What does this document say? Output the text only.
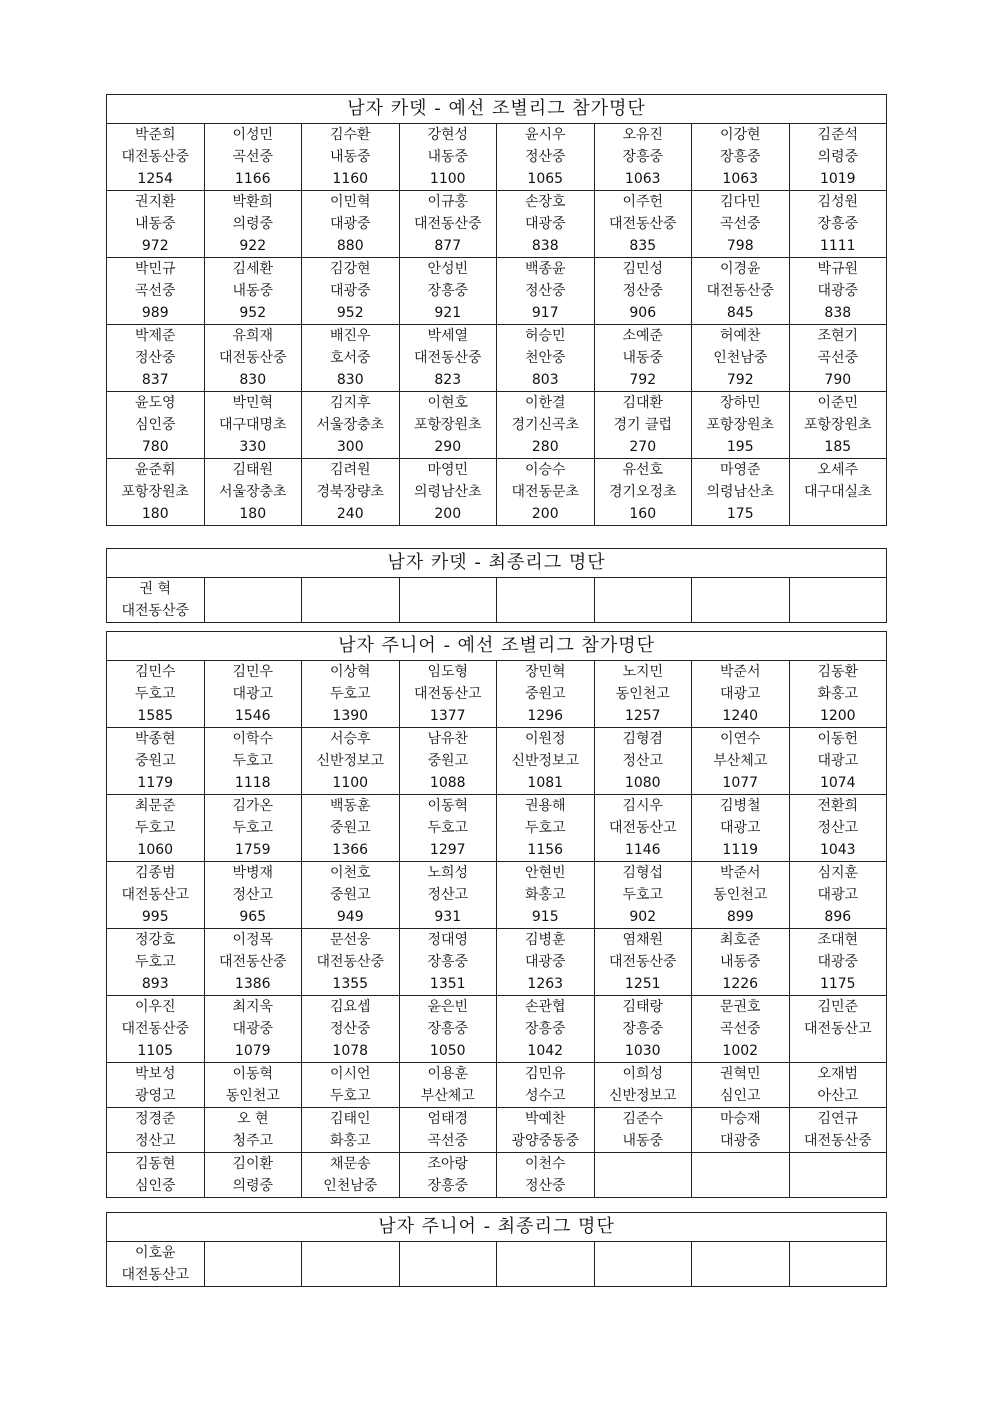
남자 카뎃 - 예선 조별리그 참가명단							

박준희
대전동산중
1254	이성민
곡선중
1166	김수환
내동중
1160	강현성
내동중
1100	윤시우
정산중
1065	오유진
장흥중
1063	이강현
장흥중
1063	김준석
의령중
1019

권지환
내동중
972	박환희
의령중
922	이민혁
대광중
880	이규홍
대전동산중
877	손장호
대광중
838	이주헌
대전동산중
835	김다민
곡선중
798	김성원
장흥중
1111

박민규
곡선중
989	김세환
내동중
952	김강현
대광중
952	안성빈
장흥중
921	백종윤
정산중
917	김민성
정산중
906	이경윤
대전동산중
845	박규원
대광중
838

박제준
정산중
837	유희재
대전동산중
830	배진우
호서중
830	박세열
대전동산중
823	허승민
천안중
803	소예준
내동중
792	허예찬
인천남중
792	조현기
곡선중
790

윤도영
심인중
780	박민혁
대구대명초
330	김지후
서울장충초
300	이현호
포항장원초
290	이한결
경기신곡초
280	김대환
경기 클럽
270	장하민
포항장원초
195	이준민
포항장원초
185

윤준휘
포항장원초
180	김태원
서울장충초
180	김려원
경북장량초
240	마영민
의령남산초
200	이승수
대전동문초
200	유선호
경기오정초
160	마영준
의령남산초
175	오세주
대구대실초

남자 카뎃 - 최종리그 명단

권 혁
대전동산중

남자 주니어 - 예선 조별리그 참가명단							

김민수
두호고
1585	김민우
대광고
1546	이상혁
두호고
1390	임도형
대전동산고
1377	장민혁
중원고
1296	노지민
동인천고
1257	박준서
대광고
1240	김동환
화홍고
1200

박종현
중원고
1179	이학수
두호고
1118	서승후
신반정보고
1100	남유찬
중원고
1088	이원정
신반정보고
1081	김형겸
정산고
1080	이연수
부산체고
1077	이동헌
대광고
1074

최문준
두호고
1060	김가온
두호고
1759	백동훈
중원고
1366	이동혁
두호고
1297	권용해
두호고
1156	김시우
대전동산고
1146	김병철
대광고
1119	전환희
정산고
1043

김종범
대전동산고
995	박병재
정산고
965	이천호
중원고
949	노희성
정산고
931	안현빈
화홍고
915	김형섭
두호고
902	박준서
동인천고
899	심지훈
대광고
896

정강호
두호고
893	이정목
대전동산중
1386	문선웅
대전동산중
1355	정대영
장흥중
1351	김병훈
대광중
1263	염채원
대전동산중
1251	최호준
내동중
1226	조대현
대광중
1175

이우진
대전동산중
1105	최지욱
대광중
1079	김요셉
정산중
1078	윤은빈
장흥중
1050	손관협
장흥중
1042	김태랑
장흥중
1030	문권호
곡선중
1002	김민준
대전동산고

박보성
광영고	이동혁
동인천고	이시언
두호고	이용훈
부산체고	김민유
성수고	이희성
신반정보고	권혁민
심인고	오재범
아산고

정경준
정산고	오 현
청주고	김태인
화홍고	엄태경
곡선중	박예찬
광양중동중	김준수
내동중	마승재
대광중	김연규
대전동산중

김동현
심인중	김이환
의령중	채문송
인천남중	조아랑
장흥중	이천수
정산중			

남자 주니어 - 최종리그 명단

이호윤
대전동산고
